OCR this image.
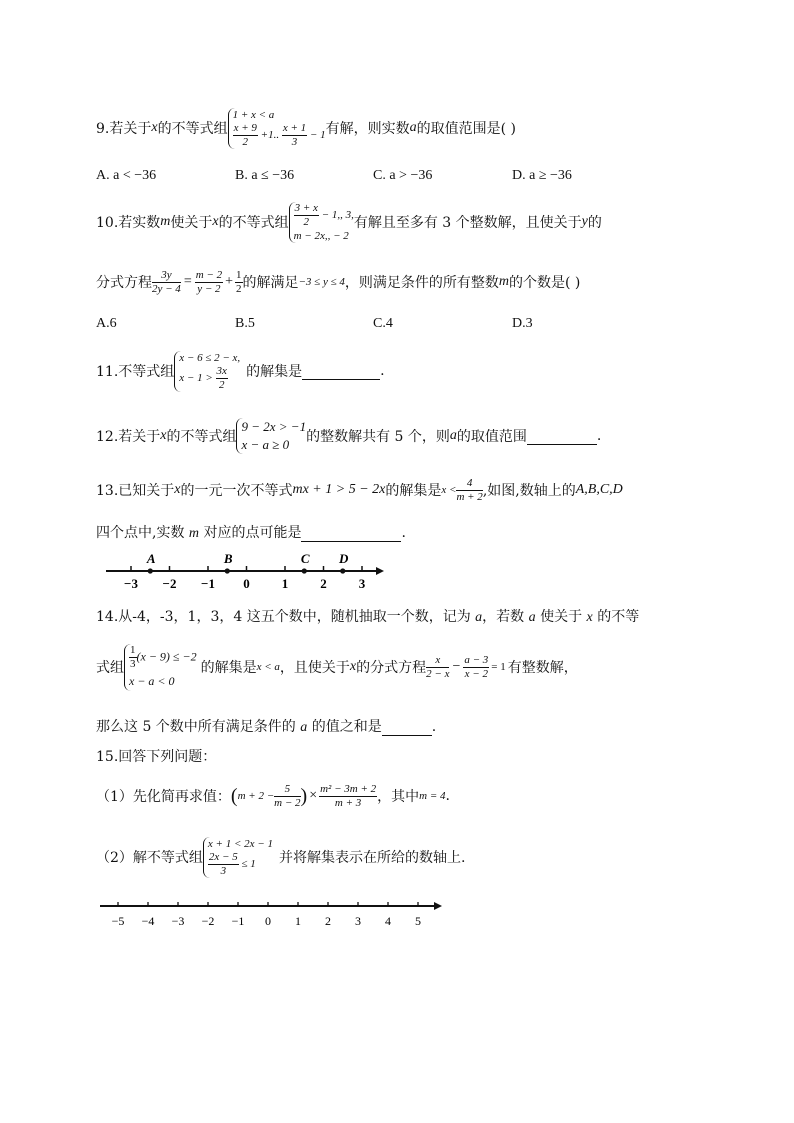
9.若关于 x 的不等式组
1 + x < a
$\frac{x + 9}{2} +1$.. $\frac{x + 1}{3} - 1$ 有解，则实数 a 的取值范围是( )
A. a < −36	B. a ≤ −36	C. a > −36	D. a ≥ −36
10.若实数 m 使关于 x 的不等式组 $\frac{3 + x}{2} - 1$,, 3,
m − 2x,, − 2
有解且至多有 3 个整数解，且使关于 y 的
分式方程 $\frac{3y}{2y - 4} = \frac{m - 2}{y - 2} + \frac{1}{2}$ 的解满足 −3 ≤ y ≤ 4 ，则满足条件的所有整数 m 的个数是( )
A.6	B.5	C.4	D.3
11.不等式组
x − 6 ≤ 2 − x,
$x - 1 > \frac{3x}{2}$ 的解集是	.
12.若关于 x 的不等式组
9 − 2x > −1
x − a ≥ 0	的整数解共有 5 个，则 a 的取值范围	.
13.已知关于 x 的一元一次不等式 mx + 1 > 5 − 2x 的解集是 $x < \frac{4}{m + 2}$ ,如图,数轴上的 A,B,C,D
四个点中,实数 m 对应的点可能是	.
−3 −2 −1 0 1 2 3
A	B	C D
14.从-4，-3，1，3，4 这五个数中，随机抽取一个数，记为 a，若数 a 使关于 x 的不等
式组 $\frac{1}{3} (x - 9) \le -2$
x − a < 0
的解集是 x < a ，且使关于 x 的分式方程 $\frac{x}{2 - x} - \frac{a - 3}{x - 2} = 1$ 有整数解，
那么这 5 个数中所有满足条件的 a 的值之和是	.
15.回答下列问题：
（1）先化简再求值： ( $m + 2 - \frac{5}{m - 2}$ ) × $\frac{\text{m² − 3m + 2}}{m + 3}$ ，其中 m = 4 .
（2）解不等式组
x + 1 < 2x − 1
$\frac{2x - 5}{3} \le 1$	并将解集表示在所给的数轴上.
−5 −4 −3 −2 −1 0 1 2 3 4 5
